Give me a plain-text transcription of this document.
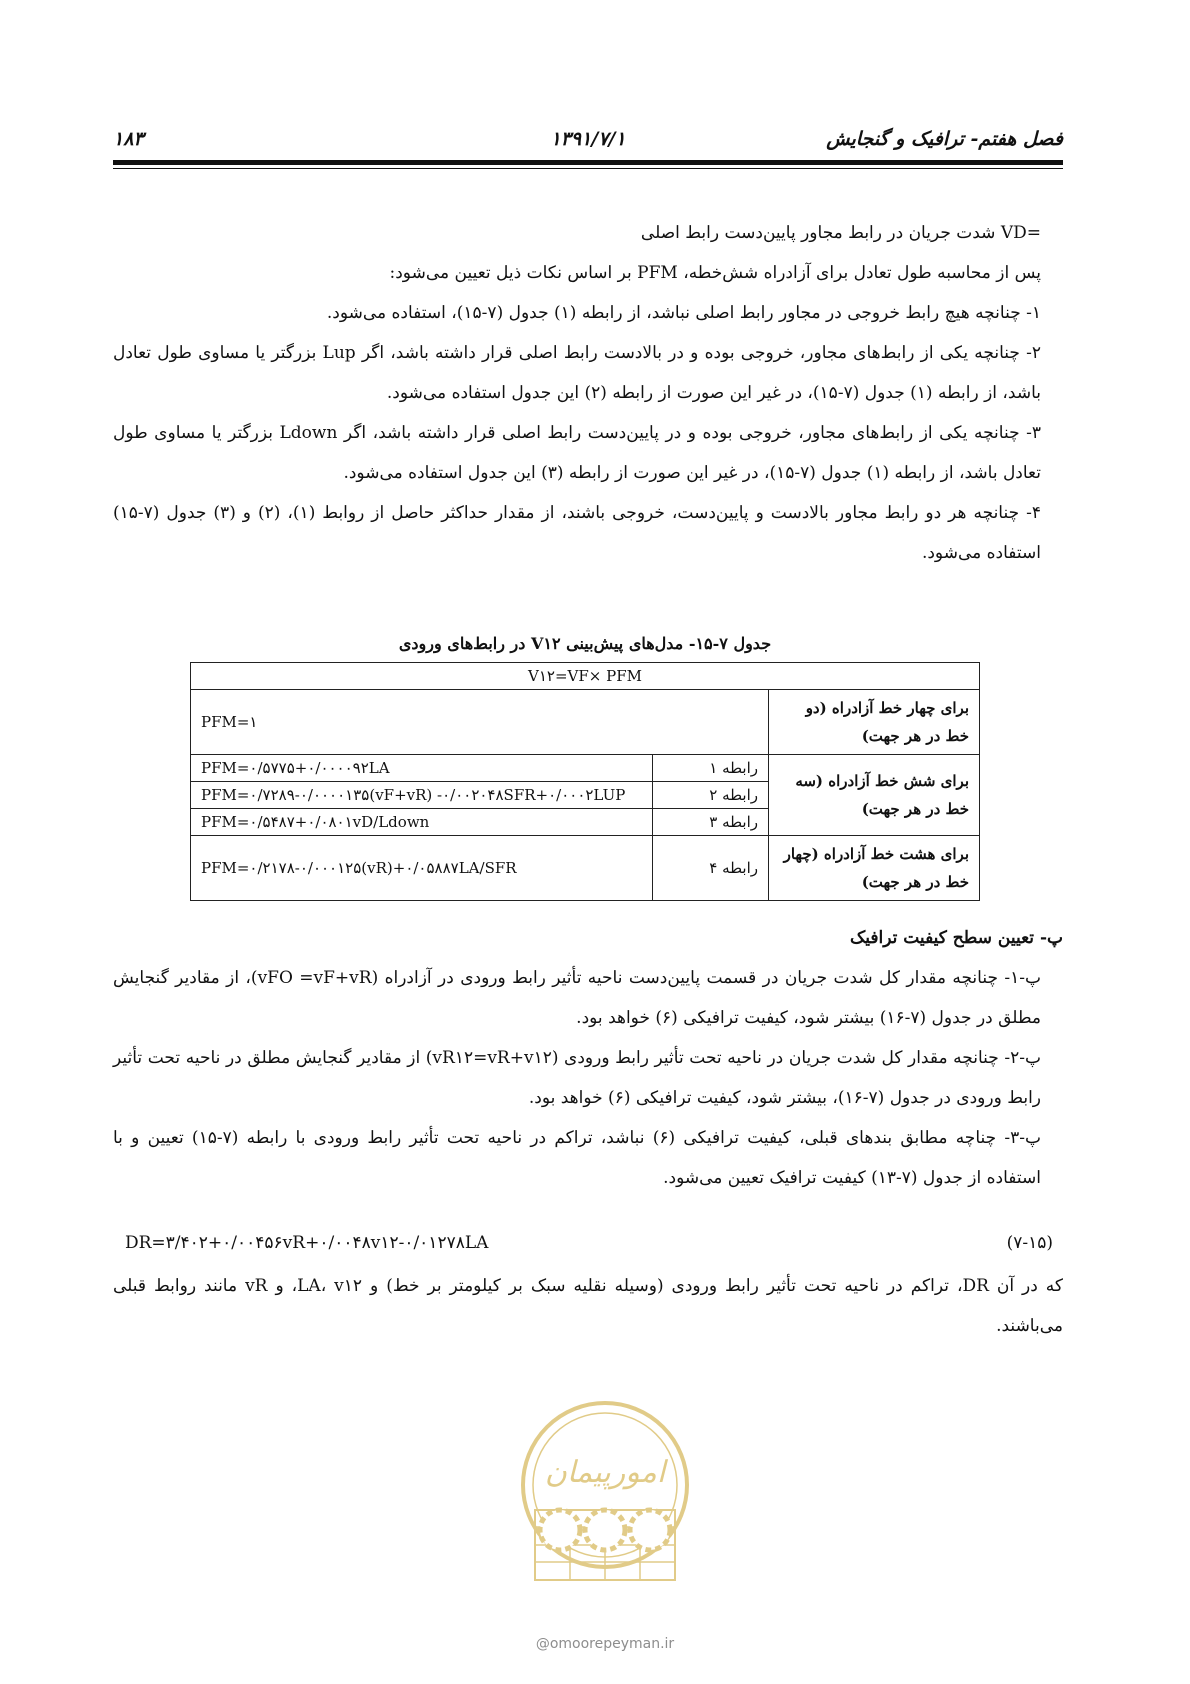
فصل هفتم- ترافیک و گنجایش
۱۳۹۱/۷/۱
۱۸۳

=VD شدت جریان در رابط مجاور پایین‌دست رابط اصلی

پس از محاسبه طول تعادل برای آزادراه شش‌خطه، PFM بر اساس نکات ذیل تعیین می‌شود:

۱- چنانچه هیچ رابط خروجی در مجاور رابط اصلی نباشد، از رابطه (۱) جدول (۷-۱۵)، استفاده می‌شود.

۲- چنانچه یکی از رابط‌های مجاور، خروجی بوده و در بالادست رابط اصلی قرار داشته باشد، اگر Lup بزرگتر یا مساوی طول تعادل باشد، از رابطه (۱) جدول (۷-۱۵)، در غیر این صورت از رابطه (۲) این جدول استفاده می‌شود.

۳- چنانچه یکی از رابط‌های مجاور، خروجی بوده و در پایین‌دست رابط اصلی قرار داشته باشد، اگر Ldown بزرگتر یا مساوی طول تعادل باشد، از رابطه (۱) جدول (۷-۱۵)، در غیر این صورت از رابطه (۳) این جدول استفاده می‌شود.

۴- چنانچه هر دو رابط مجاور بالادست و پایین‌دست، خروجی باشند، از مقدار حداکثر حاصل از روابط (۱)، (۲) و (۳) جدول (۷-۱۵) استفاده می‌شود.

جدول ۷-۱۵- مدل‌های پیش‌بینی V۱۲ در رابط‌های ورودی
V۱۲=VF× PFM		
PFM=۱		برای چهار خط آزادراه (دو خط در هر جهت)
PFM=۰/۵۷۷۵+۰/۰۰۰۰۹۲LA	رابطه ۱	برای شش خط آزادراه (سه خط در هر جهت)
PFM=۰/۷۲۸۹-۰/۰۰۰۰۱۳۵(vF+vR) -۰/۰۰۲۰۴۸SFR+۰/۰۰۰۲LUP	رابطه ۲	
PFM=۰/۵۴۸۷+۰/۰۸۰۱vD/Ldown	رابطه ۳	
PFM=۰/۲۱۷۸-۰/۰۰۰۱۲۵(vR)+۰/۰۵۸۸۷LA/SFR	رابطه ۴	برای هشت خط آزادراه (چهار خط در هر جهت)

پ- تعیین سطح کیفیت ترافیک

پ-۱- چنانچه مقدار کل شدت جریان در قسمت پایین‌دست ناحیه تأثیر رابط ورودی در آزادراه (vFO =vF+vR)، از مقادیر گنجایش مطلق در جدول (۷-۱۶) بیشتر شود، کیفیت ترافیکی (۶) خواهد بود.

پ-۲- چنانچه مقدار کل شدت جریان در ناحیه تحت تأثیر رابط ورودی (vR۱۲=vR+v۱۲) از مقادیر گنجایش مطلق در ناحیه تحت تأثیر رابط ورودی در جدول (۷-۱۶)، بیشتر شود، کیفیت ترافیکی (۶) خواهد بود.

پ-۳- چناچه مطابق بندهای قبلی، کیفیت ترافیکی (۶) نباشد، تراکم در ناحیه تحت تأثیر رابط ورودی با رابطه (۷-۱۵) تعیین و با استفاده از جدول (۷-۱۳) کیفیت ترافیک تعیین می‌شود.

DR=۳/۴۰۲+۰/۰۰۴۵۶vR+۰/۰۰۴۸v۱۲-۰/۰۱۲۷۸LA	(۷-۱۵)

که در آن DR، تراکم در ناحیه تحت تأثیر رابط ورودی (وسیله نقلیه سبک بر کیلومتر بر خط) و LA، v۱۲، و vR مانند روابط قبلی می‌باشند.

امورپیمان
@omoorepeyman.ir
